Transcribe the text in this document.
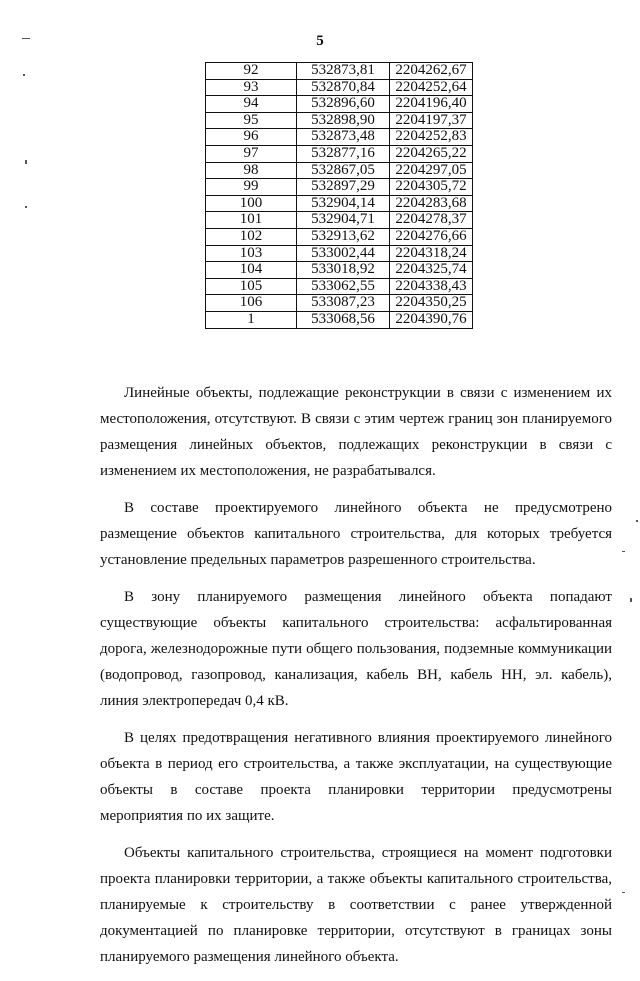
5
92	532873,81	2204262,67
93	532870,84	2204252,64
94	532896,60	2204196,40
95	532898,90	2204197,37
96	532873,48	2204252,83
97	532877,16	2204265,22
98	532867,05	2204297,05
99	532897,29	2204305,72
100	532904,14	2204283,68
101	532904,71	2204278,37
102	532913,62	2204276,66
103	533002,44	2204318,24
104	533018,92	2204325,74
105	533062,55	2204338,43
106	533087,23	2204350,25
1	533068,56	2204390,76

Линейные объекты, подлежащие реконструкции в связи с изменением их местоположения, отсутствуют. В связи с этим чертеж границ зон планируемого размещения линейных объектов, подлежащих реконструкции в связи с изменением их местоположения, не разрабатывался.

В составе проектируемого линейного объекта не предусмотрено размещение объектов капитального строительства, для которых требуется установление предельных параметров разрешенного строительства.

В зону планируемого размещения линейного объекта попадают существующие объекты капитального строительства: асфальтированная дорога, железнодорожные пути общего пользования, подземные коммуникации (водопровод, газопровод, канализация, кабель ВН, кабель НН, эл. кабель), линия электропередач 0,4 кВ.

В целях предотвращения негативного влияния проектируемого линейного объекта в период его строительства, а также эксплуатации, на существующие объекты в составе проекта планировки территории предусмотрены мероприятия по их защите.

Объекты капитального строительства, строящиеся на момент подготовки проекта планировки территории, а также объекты капитального строительства, планируемые к строительству в соответствии с ранее утвержденной документацией по планировке территории, отсутствуют в границах зоны планируемого размещения линейного объекта.
